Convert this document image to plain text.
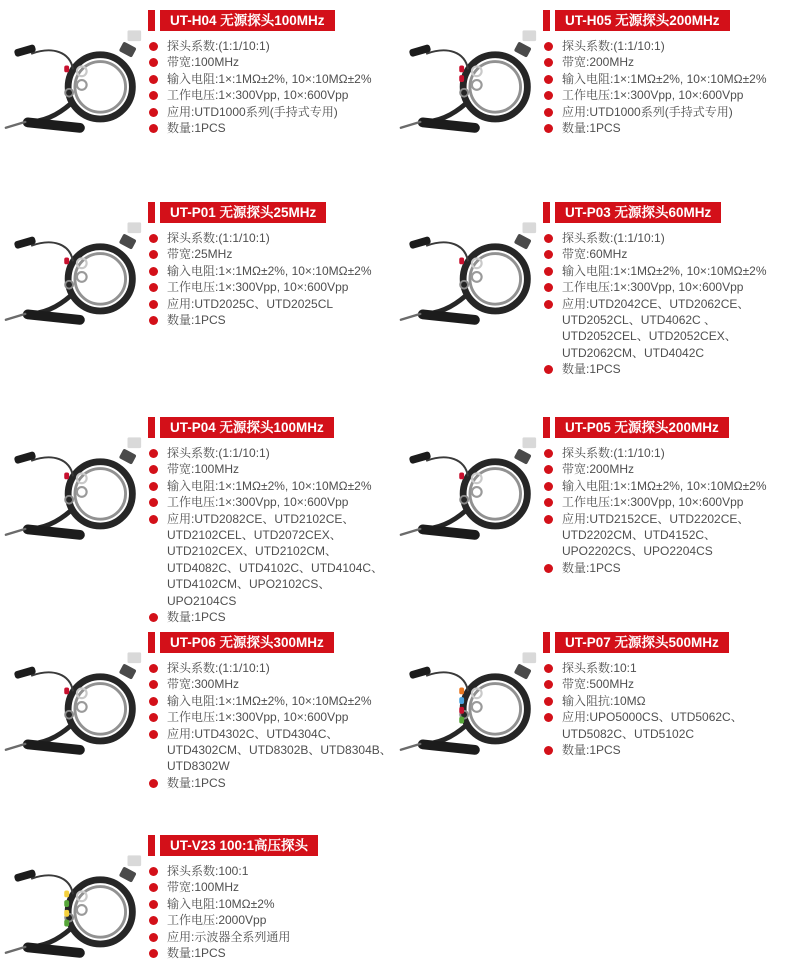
UT-H04 无源探头100MHz
探头系数:(1:1/10:1)
带宽:100MHz
输入电阻:1×:1MΩ±2%, 10×:10MΩ±2%
工作电压:1×:300Vpp, 10×:600Vpp
应用:UTD1000系列(手持式专用)
数量:1PCS
UT-H05 无源探头200MHz
探头系数:(1:1/10:1)
带宽:200MHz
输入电阻:1×:1MΩ±2%, 10×:10MΩ±2%
工作电压:1×:300Vpp, 10×:600Vpp
应用:UTD1000系列(手持式专用)
数量:1PCS
UT-P01 无源探头25MHz
探头系数:(1:1/10:1)
带宽:25MHz
输入电阻:1×:1MΩ±2%, 10×:10MΩ±2%
工作电压:1×:300Vpp, 10×:600Vpp
应用:UTD2025C、UTD2025CL
数量:1PCS
UT-P03 无源探头60MHz
探头系数:(1:1/10:1)
带宽:60MHz
输入电阻:1×:1MΩ±2%, 10×:10MΩ±2%
工作电压:1×:300Vpp, 10×:600Vpp
应用:UTD2042CE、UTD2062CE、UTD2052CL、UTD4062C 、UTD2052CEL、UTD2052CEX、UTD2062CM、UTD4042C
数量:1PCS
UT-P04 无源探头100MHz
探头系数:(1:1/10:1)
带宽:100MHz
输入电阻:1×:1MΩ±2%, 10×:10MΩ±2%
工作电压:1×:300Vpp, 10×:600Vpp
应用:UTD2082CE、UTD2102CE、UTD2102CEL、UTD2072CEX、UTD2102CEX、UTD2102CM、UTD4082C、UTD4102C、UTD4104C、UTD4102CM、UPO2102CS、UPO2104CS
数量:1PCS
UT-P05 无源探头200MHz
探头系数:(1:1/10:1)
带宽:200MHz
输入电阻:1×:1MΩ±2%, 10×:10MΩ±2%
工作电压:1×:300Vpp, 10×:600Vpp
应用:UTD2152CE、UTD2202CE、UTD2202CM、UTD4152C、UPO2202CS、UPO2204CS
数量:1PCS
UT-P06 无源探头300MHz
探头系数:(1:1/10:1)
带宽:300MHz
输入电阻:1×:1MΩ±2%, 10×:10MΩ±2%
工作电压:1×:300Vpp, 10×:600Vpp
应用:UTD4302C、UTD4304C、UTD4302CM、UTD8302B、UTD8304B、UTD8302W
数量:1PCS
UT-P07 无源探头500MHz
探头系数:10:1
带宽:500MHz
输入阻抗:10MΩ
应用:UPO5000CS、UTD5062C、UTD5082C、UTD5102C
数量:1PCS
UT-V23 100:1高压探头
探头系数:100:1
带宽:100MHz
输入电阻:10MΩ±2%
工作电压:2000Vpp
应用:示波器全系列通用
数量:1PCS
